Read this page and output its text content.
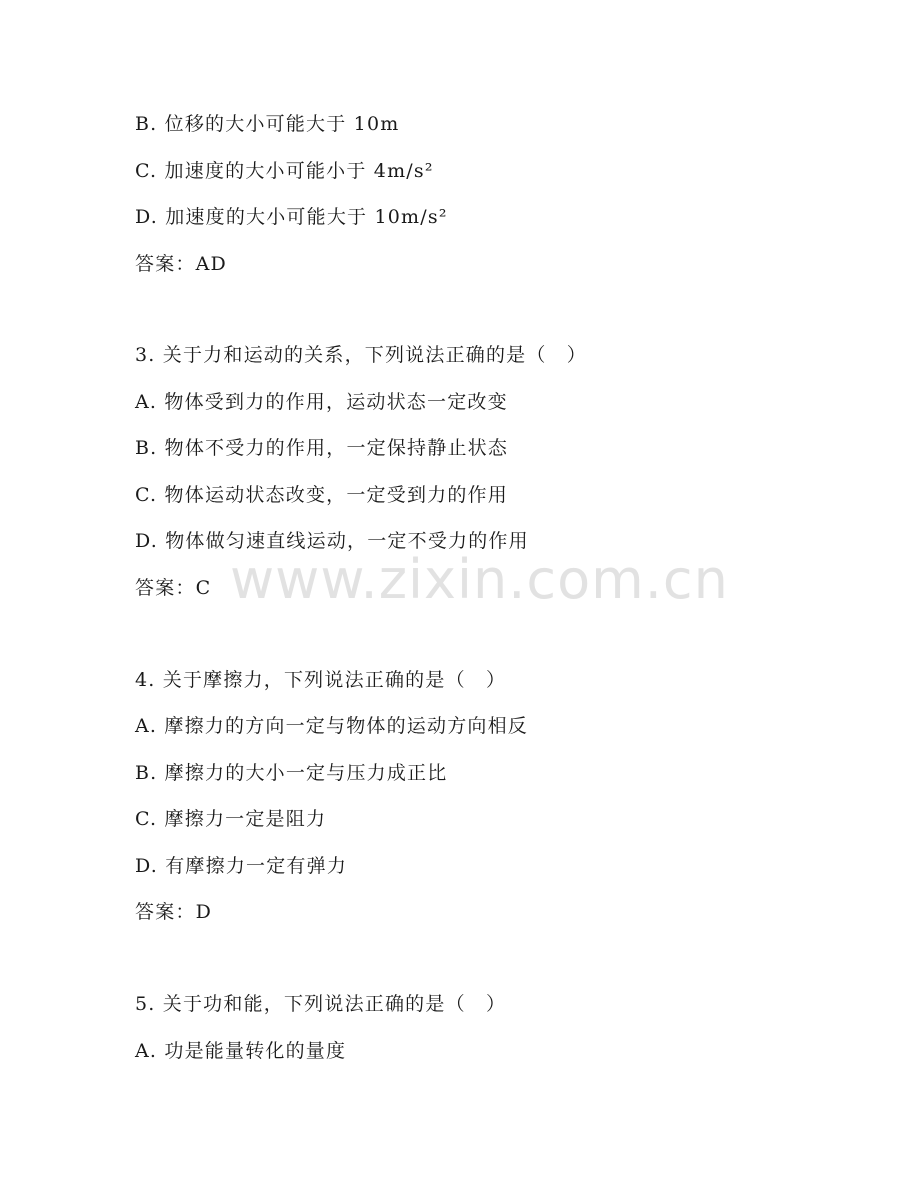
www.zixin.com.cn
B. 位移的大小可能大于 10m
C. 加速度的大小可能小于 4m/s²
D. 加速度的大小可能大于 10m/s²
答案：AD
3. 关于力和运动的关系，下列说法正确的是（　）
A. 物体受到力的作用，运动状态一定改变
B. 物体不受力的作用，一定保持静止状态
C. 物体运动状态改变，一定受到力的作用
D. 物体做匀速直线运动，一定不受力的作用
答案：C
4. 关于摩擦力，下列说法正确的是（　）
A. 摩擦力的方向一定与物体的运动方向相反
B. 摩擦力的大小一定与压力成正比
C. 摩擦力一定是阻力
D. 有摩擦力一定有弹力
答案：D
5. 关于功和能，下列说法正确的是（　）
A. 功是能量转化的量度
